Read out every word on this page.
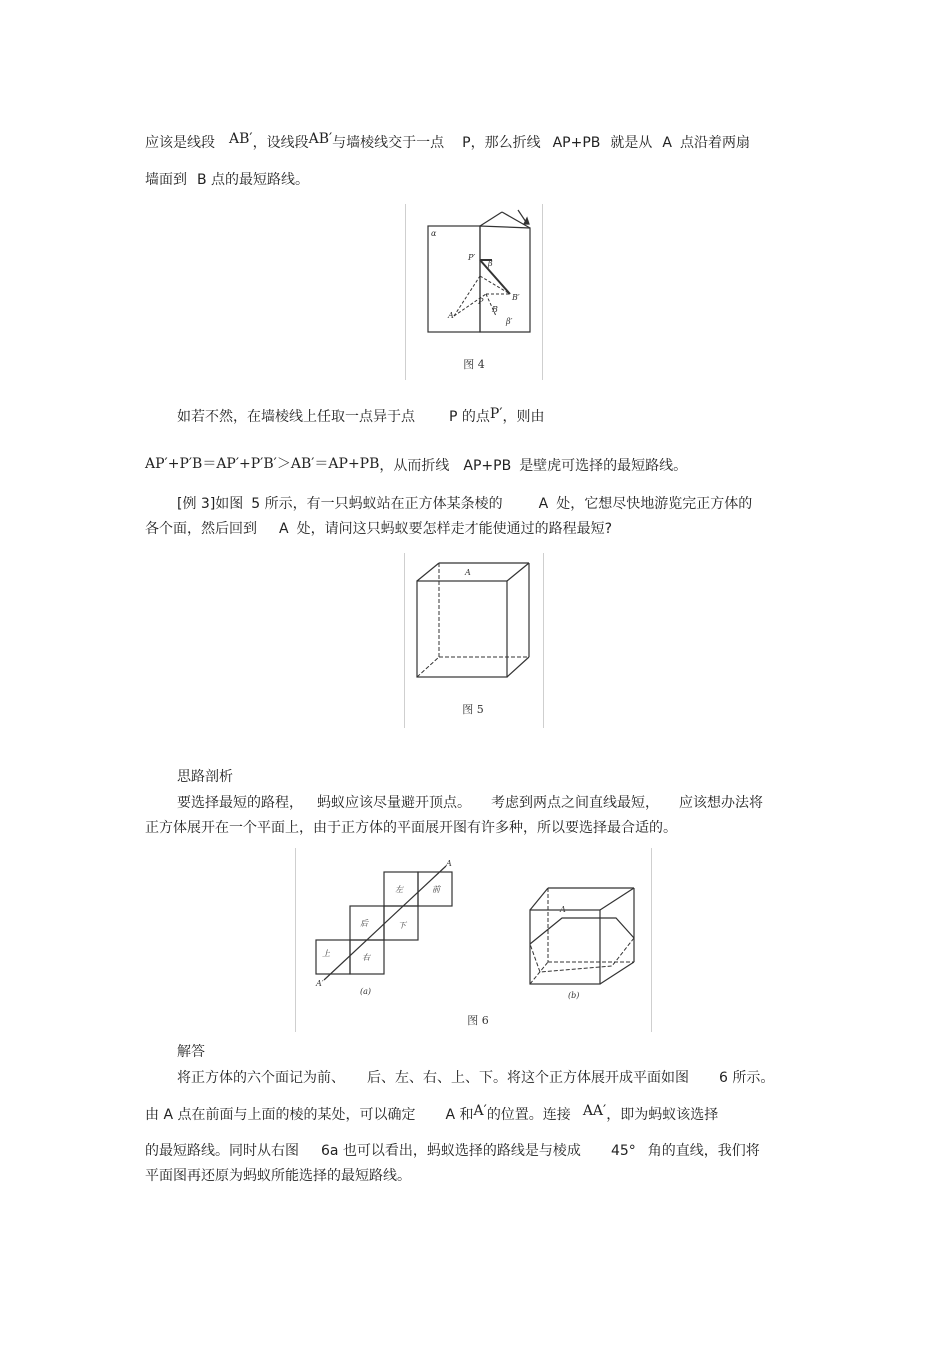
应该是线段 AB′，设线段AB′与墙棱线交于一点 P，那么折线 AP+PB 就是从 A 点沿着两扇
墙面到 B 点的最短路线。
α
P′
β
A
P	B′
B
β′
图 4
如若不然，在墙棱线上任取一点异于点 P 的点P′，则由
AP′+P′B＝AP′+P′B′＞AB′＝AP+PB，从而折线 AP+PB 是壁虎可选择的最短路线。
[例 3]如图 5 所示，有一只蚂蚁站在正方体某条棱的	A 处，它想尽快地游览完正方体的
各个面，然后回到 A 处，请问这只蚂蚁要怎样走才能使通过的路程最短?
A
图 5
思路剖析
要选择最短的路程， 蚂蚁应该尽量避开顶点。 考虑到两点之间直线最短， 应该想办法将
正方体展开在一个平面上，由于正方体的平面展开图有许多种，所以要选择最合适的。
左	前
后	下
上	右
A
A′
A
(a)	(b)
图 6
解答
将正方体的六个面记为前、 后、左、右、上、下。将这个正方体展开成平面如图 6 所示。
由 A 点在前面与上面的棱的某处，可以确定 A 和A′的位置。连接 AA′，即为蚂蚁该选择
的最短路线。同时从右图 6a 也可以看出，蚂蚁选择的路线是与棱成 45° 角的直线，我们将
平面图再还原为蚂蚁所能选择的最短路线。
